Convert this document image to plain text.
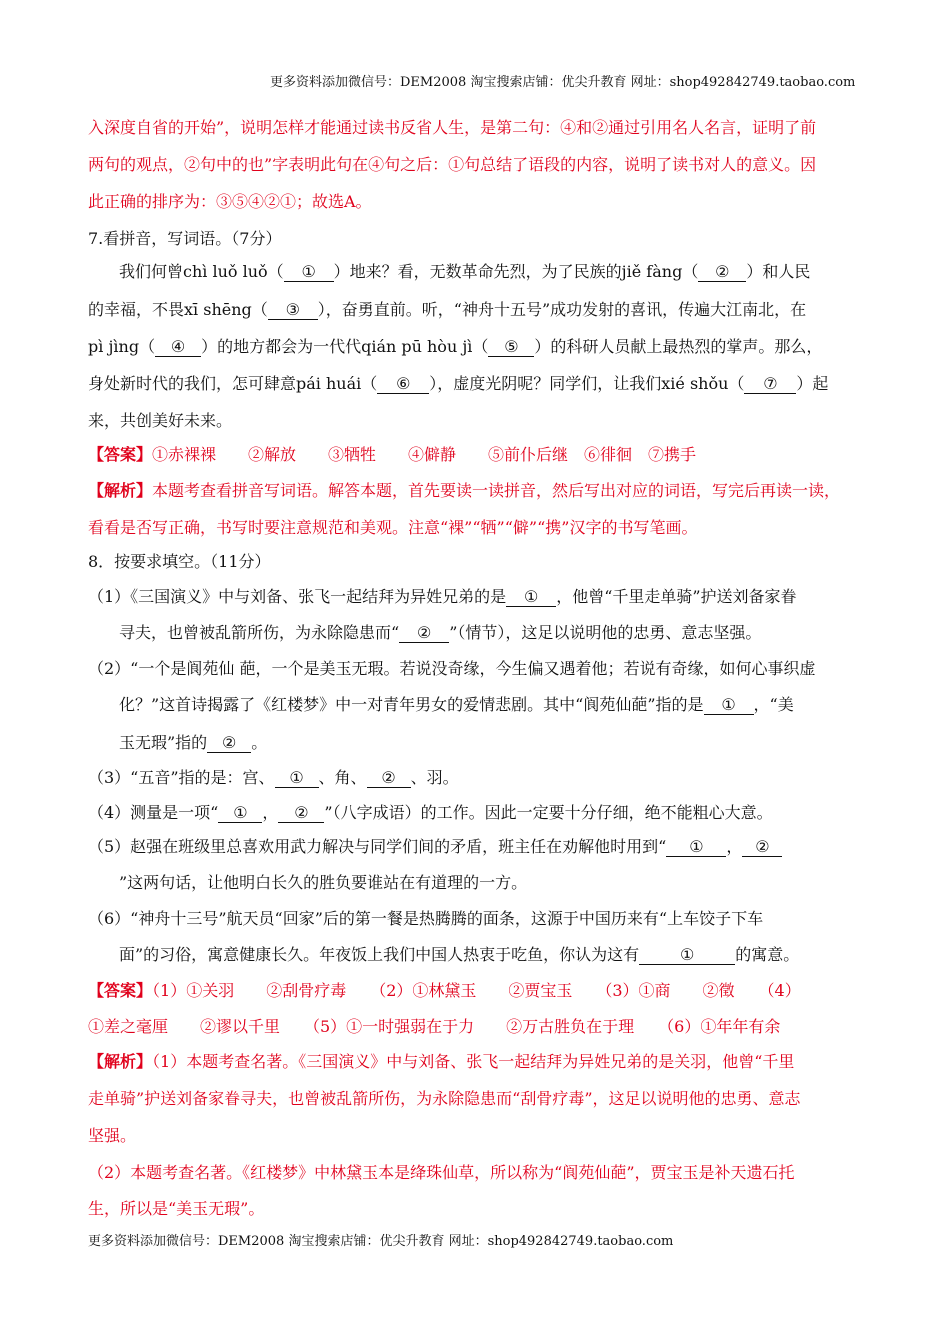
更多资料添加微信号：DEM2008 淘宝搜索店铺：优尖升教育 网址：shop492842749.taobao.com
入深度自省的开始”，说明怎样才能通过读书反省人生，是第二句：④和②通过引用名人名言，证明了前
两句的观点，②句中的也”字表明此句在④句之后：①句总结了语段的内容，说明了读书对人的意义。因
此正确的排序为：③⑤④②①；故选A。
7.看拼音，写词语。（7分）
我们何曾chì luǒ luǒ（ ① ）地来？看，无数革命先烈，为了民族的jiě fàng（ ② ）和人民
的幸福，不畏xī shēng（ ③ ），奋勇直前。听，“神舟十五号”成功发射的喜讯，传遍大江南北，在
pì jìng（ ④ ）的地方都会为一代代qián pū hòu jì（ ⑤ ）的科研人员献上最热烈的掌声。那么，
身处新时代的我们，怎可肆意pái huái（ ⑥ ），虚度光阴呢？同学们，让我们xié shǒu（ ⑦ ）起
来，共创美好未来。
【答案】①赤裸裸　　②解放　　③牺牲　　④僻静　　⑤前仆后继　⑥徘徊　⑦携手
【解析】本题考查看拼音写词语。解答本题，首先要读一读拼音，然后写出对应的词语，写完后再读一读，
看看是否写正确，书写时要注意规范和美观。注意“裸”“牺”“僻”“携”汉字的书写笔画。
8．按要求填空。（11分）
（1）《三国演义》中与刘备、张飞一起结拜为异姓兄弟的是 ① ，他曾“千里走单骑”护送刘备家眷
寻夫，也曾被乱箭所伤，为永除隐患而“ ② ”（情节），这足以说明他的忠勇、意志坚强。
（2）“一个是阆苑仙 葩，一个是美玉无瑕。若说没奇缘，今生偏又遇着他；若说有奇缘，如何心事织虚
化？”这首诗揭露了《红楼梦》中一对青年男女的爱情悲剧。其中“阆苑仙葩”指的是 ① ，“美
玉无瑕”指的 ② 。
（3）“五音”指的是：宫、 ① 、角、 ② 、羽。
（4）测量是一项“ ① ， ② ”（八字成语）的工作。因此一定要十分仔细，绝不能粗心大意。
（5）赵强在班级里总喜欢用武力解决与同学们间的矛盾，班主任在劝解他时用到“ ① ， ②
”这两句话，让他明白长久的胜负要谁站在有道理的一方。
（6）“神舟十三号”航天员“回家”后的第一餐是热腾腾的面条，这源于中国历来有“上车饺子下车
面”的习俗，寓意健康长久。年夜饭上我们中国人热衷于吃鱼，你认为这有	①	的寓意。
【答案】（1）①关羽　　②刮骨疗毒　　（2）①林黛玉　　②贾宝玉　　（3）①商　　②徵　　（4）
①差之毫厘　　②谬以千里　　（5）①一时强弱在于力　　②万古胜负在于理　　（6）①年年有余
【解析】（1）本题考查名著。《三国演义》中与刘备、张飞一起结拜为异姓兄弟的是关羽，他曾“千里
走单骑”护送刘备家眷寻夫，也曾被乱箭所伤，为永除隐患而“刮骨疗毒”，这足以说明他的忠勇、意志
坚强。
（2）本题考查名著。《红楼梦》中林黛玉本是绛珠仙草，所以称为“阆苑仙葩”，贾宝玉是补天遗石托
生，所以是“美玉无瑕”。
更多资料添加微信号：DEM2008 淘宝搜索店铺：优尖升教育 网址：shop492842749.taobao.com
